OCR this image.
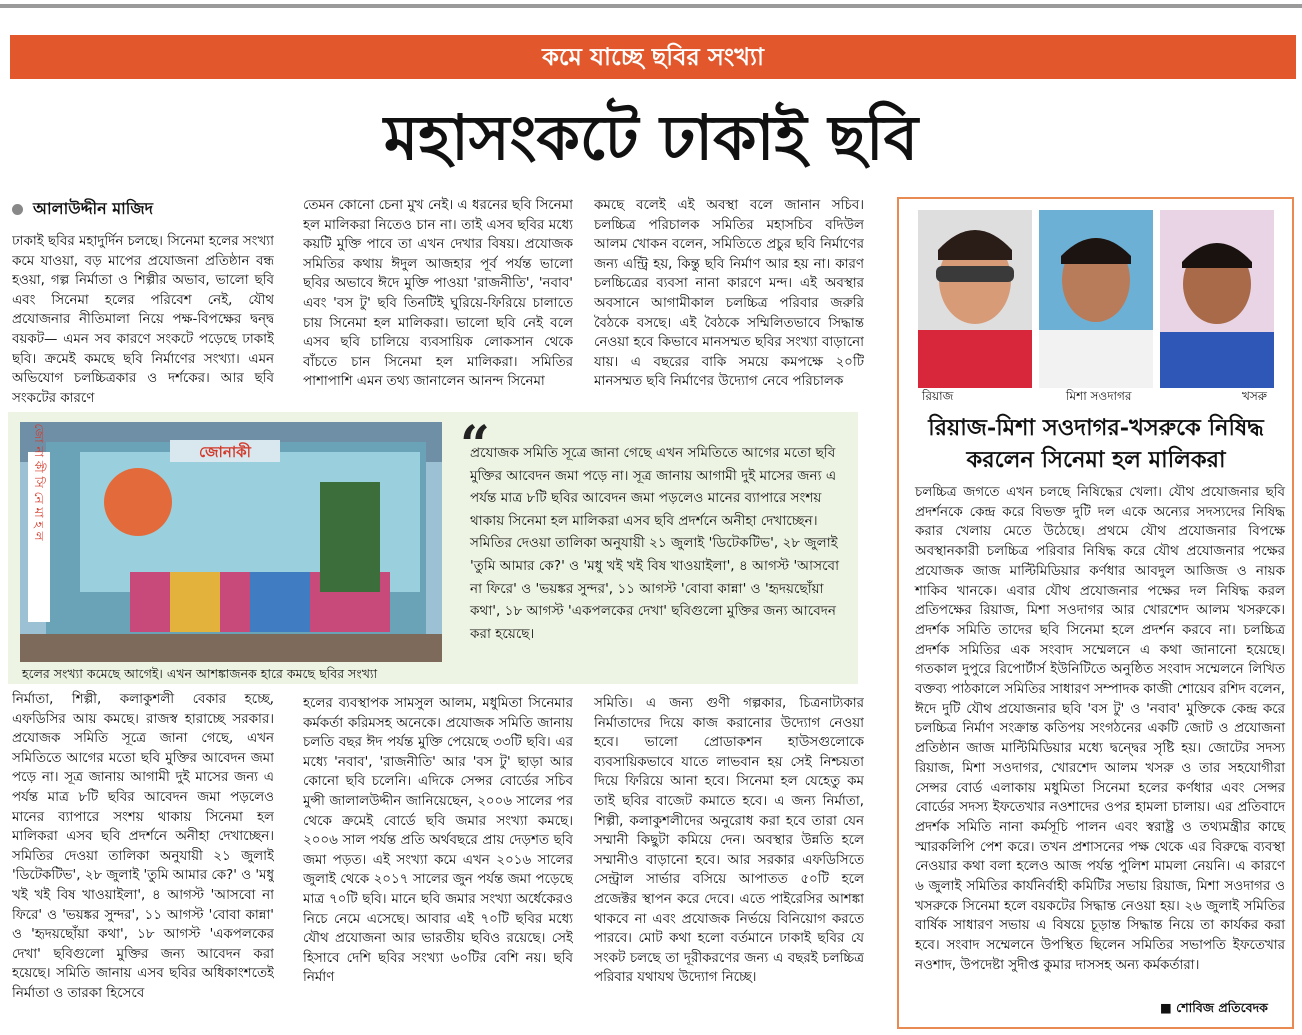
কমে যাচ্ছে ছবির সংখ্যা
মহাসংকটে ঢাকাই ছবি
আলাউদ্দীন মাজিদ
ঢাকাই ছবির মহাদুর্দিন চলছে। সিনেমা হলের সংখ্যা কমে যাওয়া, বড় মাপের প্রযোজনা প্রতিষ্ঠান বন্ধ হওয়া, গল্প নির্মাতা ও শিল্পীর অভাব, ভালো ছবি এবং সিনেমা হলের পরিবেশ নেই, যৌথ প্রযোজনার নীতিমালা নিয়ে পক্ষ-বিপক্ষের দ্বন্দ্ব বয়কট— এমন সব কারণে সংকটে পড়েছে ঢাকাই ছবি। ক্রমেই কমছে ছবি নির্মাণের সংখ্যা। এমন অভিযোগ চলচ্চিত্রকার ও দর্শকের। আর ছবি সংকটের কারণে
তেমন কোনো চেনা মুখ নেই। এ ধরনের ছবি সিনেমা হল মালিকরা নিতেও চান না। তাই এসব ছবির মধ্যে কয়টি মুক্তি পাবে তা এখন দেখার বিষয়। প্রযোজক সমিতির কথায় ঈদুল আজহার পূর্ব পর্যন্ত ভালো ছবির অভাবে ঈদে মুক্তি পাওয়া 'রাজনীতি', 'নবাব' এবং 'বস টু' ছবি তিনটিই ঘুরিয়ে-ফিরিয়ে চালাতে চায় সিনেমা হল মালিকরা। ভালো ছবি নেই বলে এসব ছবি চালিয়ে ব্যবসায়িক লোকসান থেকে বাঁচতে চান সিনেমা হল মালিকরা। সমিতির পাশাপাশি এমন তথ্য জানালেন আনন্দ সিনেমা
কমছে বলেই এই অবস্থা বলে জানান সচিব। চলচ্চিত্র পরিচালক সমিতির মহাসচিব বদিউল আলম খোকন বলেন, সমিতিতে প্রচুর ছবি নির্মাণের জন্য এন্ট্রি হয়, কিন্তু ছবি নির্মাণ আর হয় না। কারণ চলচ্চিত্রের ব্যবসা নানা কারণে মন্দ। এই অবস্থার অবসানে আগামীকাল চলচ্চিত্র পরিবার জরুরি বৈঠকে বসছে। এই বৈঠকে সম্মিলিতভাবে সিদ্ধান্ত নেওয়া হবে কিভাবে মানসম্মত ছবির সংখ্যা বাড়ানো যায়। এ বছরের বাকি সময়ে কমপক্ষে ২০টি মানসম্মত ছবি নির্মাণের উদ্যোগ নেবে পরিচালক
জোনাকী
জো না কী সি নে মা হ ল
হলের সংখ্যা কমেছে আগেই। এখন আশঙ্কাজনক হারে কমছে ছবির সংখ্যা
“
প্রযোজক সমিতি সূত্রে জানা গেছে এখন সমিতিতে আগের মতো ছবি মুক্তির আবেদন জমা পড়ে না। সূত্র জানায় আগামী দুই মাসের জন্য এ পর্যন্ত মাত্র ৮টি ছবির আবেদন জমা পড়লেও মানের ব্যাপারে সংশয় থাকায় সিনেমা হল মালিকরা এসব ছবি প্রদর্শনে অনীহা দেখাচ্ছেন। সমিতির দেওয়া তালিকা অনুযায়ী ২১ জুলাই 'ডিটেকটিভ', ২৮ জুলাই 'তুমি আমার কে?' ও 'মধু খই খই বিষ খাওয়াইলা', ৪ আগস্ট 'আসবো না ফিরে' ও 'ভয়ঙ্কর সুন্দর', ১১ আগস্ট 'বোবা কান্না' ও 'হৃদয়ছোঁয়া কথা', ১৮ আগস্ট 'একপলকের দেখা' ছবিগুলো মুক্তির জন্য আবেদন করা হয়েছে।
নির্মাতা, শিল্পী, কলাকুশলী বেকার হচ্ছে, এফডিসির আয় কমছে। রাজস্ব হারাচ্ছে সরকার। প্রযোজক সমিতি সূত্রে জানা গেছে, এখন সমিতিতে আগের মতো ছবি মুক্তির আবেদন জমা পড়ে না। সূত্র জানায় আগামী দুই মাসের জন্য এ পর্যন্ত মাত্র ৮টি ছবির আবেদন জমা পড়লেও মানের ব্যাপারে সংশয় থাকায় সিনেমা হল মালিকরা এসব ছবি প্রদর্শনে অনীহা দেখাচ্ছেন। সমিতির দেওয়া তালিকা অনুযায়ী ২১ জুলাই 'ডিটেকটিভ', ২৮ জুলাই 'তুমি আমার কে?' ও 'মধু খই খই বিষ খাওয়াইলা', ৪ আগস্ট 'আসবো না ফিরে' ও 'ভয়ঙ্কর সুন্দর', ১১ আগস্ট 'বোবা কান্না' ও 'হৃদয়ছোঁয়া কথা', ১৮ আগস্ট 'একপলকের দেখা' ছবিগুলো মুক্তির জন্য আবেদন করা হয়েছে। সমিতি জানায় এসব ছবির অধিকাংশতেই নির্মাতা ও তারকা হিসেবে
হলের ব্যবস্থাপক সামসুল আলম, মধুমিতা সিনেমার কর্মকর্তা করিমসহ অনেকে। প্রযোজক সমিতি জানায় চলতি বছর ঈদ পর্যন্ত মুক্তি পেয়েছে ৩৩টি ছবি। এর মধ্যে 'নবাব', 'রাজনীতি' আর 'বস টু' ছাড়া আর কোনো ছবি চলেনি। এদিকে সেন্সর বোর্ডের সচিব মুন্সী জালালউদ্দীন জানিয়েছেন, ২০০৬ সালের পর থেকে ক্রমেই বোর্ডে ছবি জমার সংখ্যা কমছে। ২০০৬ সাল পর্যন্ত প্রতি অর্থবছরে প্রায় দেড়শত ছবি জমা পড়ত। এই সংখ্যা কমে এখন ২০১৬ সালের জুলাই থেকে ২০১৭ সালের জুন পর্যন্ত জমা পড়েছে মাত্র ৭০টি ছবি। মানে ছবি জমার সংখ্যা অর্ধেকেরও নিচে নেমে এসেছে। আবার এই ৭০টি ছবির মধ্যে যৌথ প্রযোজনা আর ভারতীয় ছবিও রয়েছে। সেই হিসাবে দেশি ছবির সংখ্যা ৬০টির বেশি নয়। ছবি নির্মাণ
সমিতি। এ জন্য গুণী গল্পকার, চিত্রনাট্যকার নির্মাতাদের দিয়ে কাজ করানোর উদ্যোগ নেওয়া হবে। ভালো প্রোডাকশন হাউসগুলোকে ব্যবসায়িকভাবে যাতে লাভবান হয় সেই নিশ্চয়তা দিয়ে ফিরিয়ে আনা হবে। সিনেমা হল যেহেতু কম তাই ছবির বাজেট কমাতে হবে। এ জন্য নির্মাতা, শিল্পী, কলাকুশলীদের অনুরোধ করা হবে তারা যেন সম্মানী কিছুটা কমিয়ে দেন। অবস্থার উন্নতি হলে সম্মানীও বাড়ানো হবে। আর সরকার এফডিসিতে সেন্ট্রাল সার্ভার বসিয়ে আপাতত ৫০টি হলে প্রজেক্টর স্থাপন করে দেবে। এতে পাইরেসির আশঙ্কা থাকবে না এবং প্রযোজক নির্ভয়ে বিনিয়োগ করতে পারবে। মোট কথা হলো বর্তমানে ঢাকাই ছবির যে সংকট চলছে তা দূরীকরণের জন্য এ বছরই চলচ্চিত্র পরিবার যথাযথ উদ্যোগ নিচ্ছে।
রিয়াজ	মিশা সওদাগর	খসরু
রিয়াজ-মিশা সওদাগর-খসরুকে নিষিদ্ধ করলেন সিনেমা হল মালিকরা
চলচ্চিত্র জগতে এখন চলছে নিষিদ্ধের খেলা। যৌথ প্রযোজনার ছবি প্রদর্শনকে কেন্দ্র করে বিভক্ত দুটি দল একে অন্যের সদস্যদের নিষিদ্ধ করার খেলায় মেতে উঠেছে। প্রথমে যৌথ প্রযোজনার বিপক্ষে অবস্থানকারী চলচ্চিত্র পরিবার নিষিদ্ধ করে যৌথ প্রযোজনার পক্ষের প্রযোজক জাজ মাল্টিমিডিয়ার কর্ণধার আবদুল আজিজ ও নায়ক শাকিব খানকে। এবার যৌথ প্রযোজনার পক্ষের দল নিষিদ্ধ করল প্রতিপক্ষের রিয়াজ, মিশা সওদাগর আর খোরশেদ আলম খসরুকে। প্রদর্শক সমিতি তাদের ছবি সিনেমা হলে প্রদর্শন করবে না। চলচ্চিত্র প্রদর্শক সমিতির এক সংবাদ সম্মেলনে এ কথা জানানো হয়েছে। গতকাল দুপুরে রিপোর্টার্স ইউনিটিতে অনুষ্ঠিত সংবাদ সম্মেলনে লিখিত বক্তব্য পাঠকালে সমিতির সাধারণ সম্পাদক কাজী শোয়েব রশিদ বলেন, ঈদে দুটি যৌথ প্রযোজনার ছবি 'বস টু' ও 'নবাব' মুক্তিকে কেন্দ্র করে চলচ্চিত্র নির্মাণ সংক্রান্ত কতিপয় সংগঠনের একটি জোট ও প্রযোজনা প্রতিষ্ঠান জাজ মাল্টিমিডিয়ার মধ্যে দ্বন্দ্বের সৃষ্টি হয়। জোটের সদস্য রিয়াজ, মিশা সওদাগর, খোরশেদ আলম খসরু ও তার সহযোগীরা সেন্সর বোর্ড এলাকায় মধুমিতা সিনেমা হলের কর্ণধার এবং সেন্সর বোর্ডের সদস্য ইফতেখার নওশাদের ওপর হামলা চালায়। এর প্রতিবাদে প্রদর্শক সমিতি নানা কর্মসূচি পালন এবং স্বরাষ্ট্র ও তথ্যমন্ত্রীর কাছে স্মারকলিপি পেশ করে। তখন প্রশাসনের পক্ষ থেকে এর বিরুদ্ধে ব্যবস্থা নেওয়ার কথা বলা হলেও আজ পর্যন্ত পুলিশ মামলা নেয়নি। এ কারণে ৬ জুলাই সমিতির কার্যনির্বাহী কমিটির সভায় রিয়াজ, মিশা সওদাগর ও খসরুকে সিনেমা হলে বয়কটের সিদ্ধান্ত নেওয়া হয়। ২৬ জুলাই সমিতির বার্ষিক সাধারণ সভায় এ বিষয়ে চূড়ান্ত সিদ্ধান্ত নিয়ে তা কার্যকর করা হবে। সংবাদ সম্মেলনে উপস্থিত ছিলেন সমিতির সভাপতি ইফতেখার নওশাদ, উপদেষ্টা সুদীপ্ত কুমার দাসসহ অন্য কর্মকর্তারা।
■ শোবিজ প্রতিবেদক
